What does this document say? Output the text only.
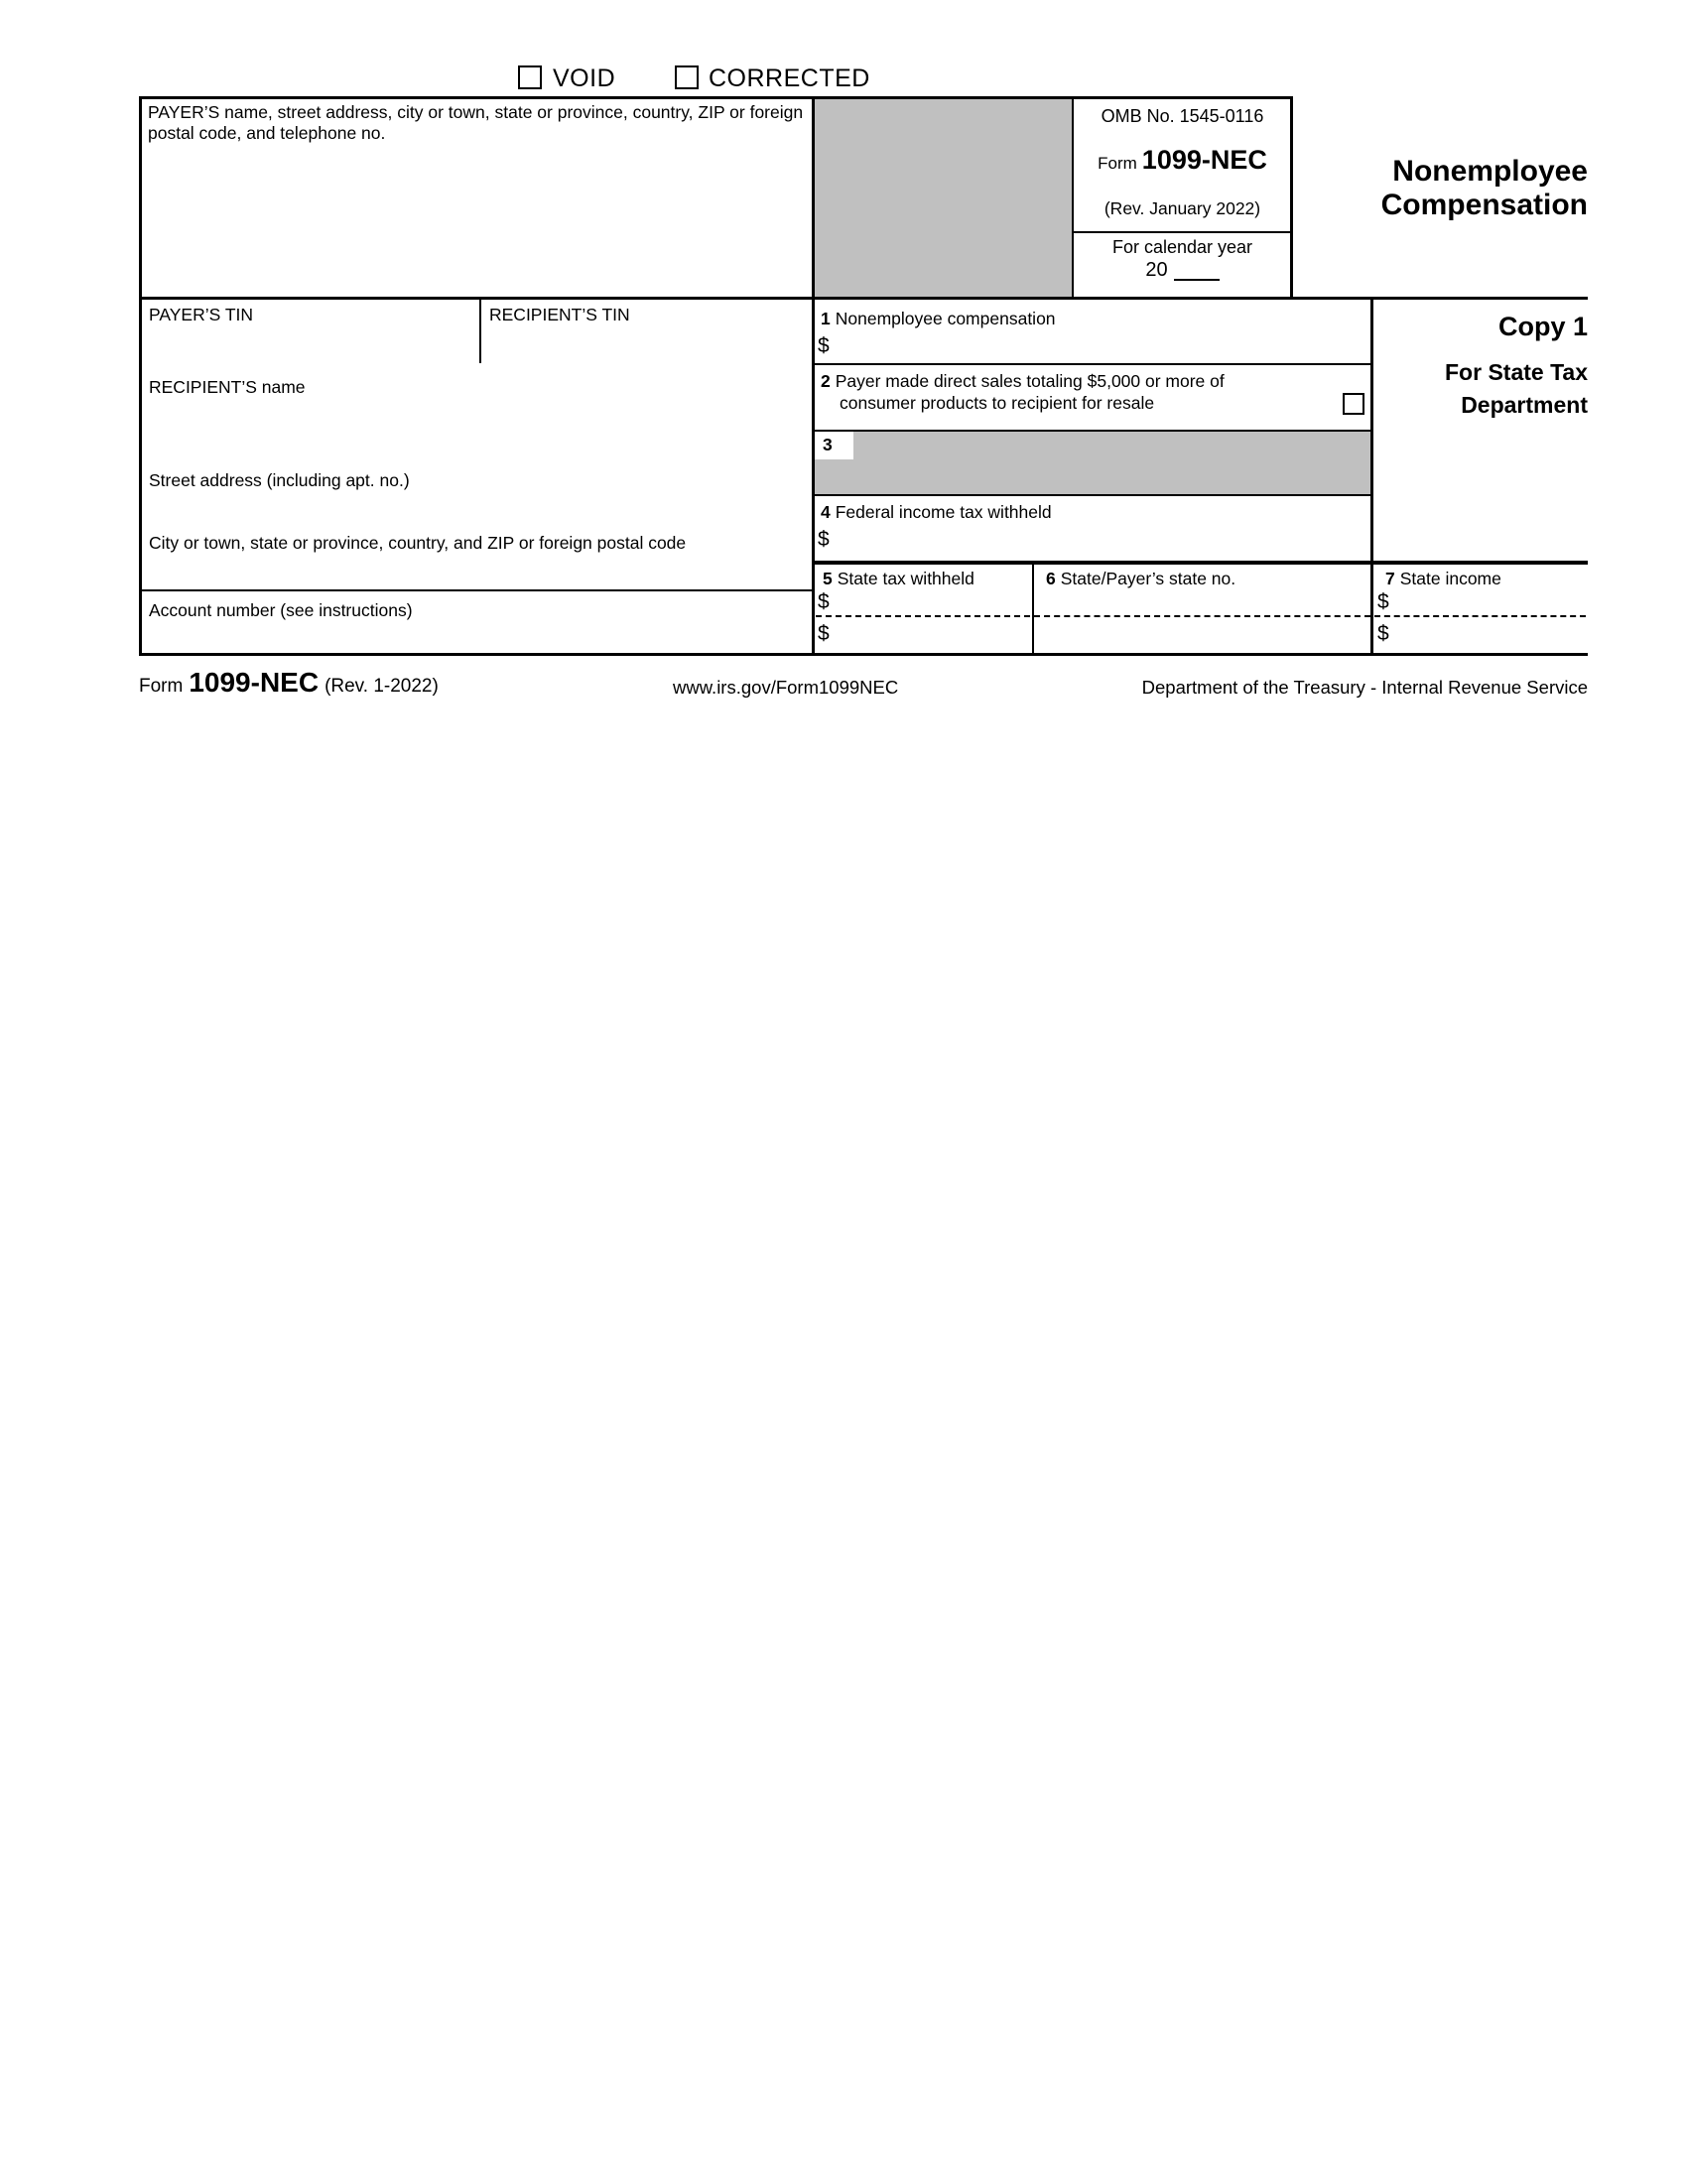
VOID	CORRECTED
PAYER’S name, street address, city or town, state or province, country, ZIP or foreign postal code, and telephone no.
OMB No. 1545-0116
Form 1099-NEC
(Rev. January 2022)
For calendar year
20
Nonemployee
Compensation
Copy 1
For State Tax
Department
PAYER’S TIN	RECIPIENT’S TIN	1 Nonemployee compensation
$
2 Payer made direct sales totaling $5,000 or more of
consumer products to recipient for resale
3
RECIPIENT’S name
Street address (including apt. no.)
City or town, state or province, country, and ZIP or foreign postal code
4 Federal income tax withheld
$
Account number (see instructions)
5 State tax withheld
$
$
6 State/Payer’s state no.	7 State income
$
$
Form 1099-NEC (Rev. 1-2022)	www.irs.gov/Form1099NEC	Department of the Treasury - Internal Revenue Service
